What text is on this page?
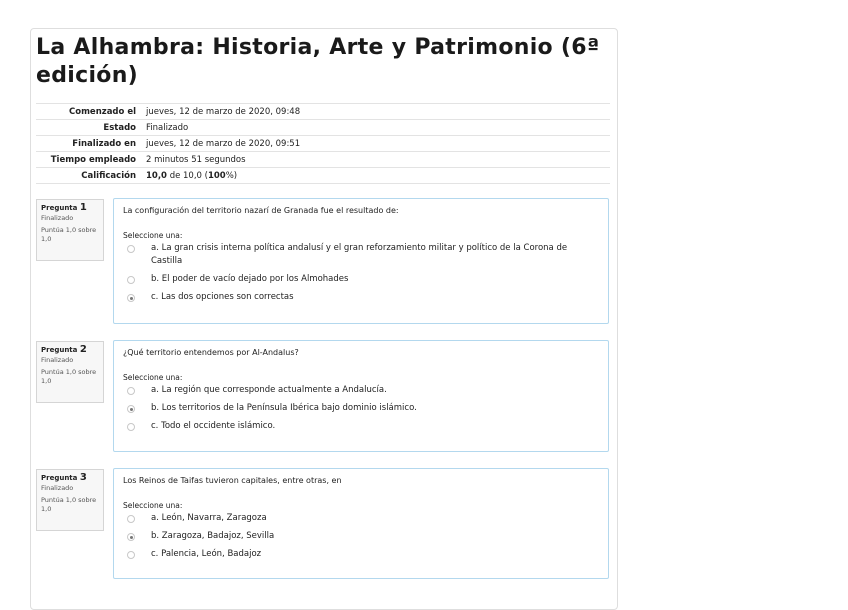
La Alhambra: Historia, Arte y Patrimonio (6ª edición)
Comenzado el	jueves, 12 de marzo de 2020, 09:48
Estado	Finalizado
Finalizado en	jueves, 12 de marzo de 2020, 09:51
Tiempo empleado	2 minutos 51 segundos
Calificación	10,0 de 10,0 (100%)
Pregunta 1
Finalizado
Puntúa 1,0 sobre 1,0

La configuración del territorio nazarí de Granada fue el resultado de:

Seleccione una:
a. La gran crisis interna política andalusí y el gran reforzamiento militar y político de la Corona de Castilla
b. El poder de vacío dejado por los Almohades
c. Las dos opciones son correctas
Pregunta 2
Finalizado
Puntúa 1,0 sobre 1,0

¿Qué territorio entendemos por Al-Andalus?

Seleccione una:
a. La región que corresponde actualmente a Andalucía.
b. Los territorios de la Península Ibérica bajo dominio islámico.
c. Todo el occidente islámico.
Pregunta 3
Finalizado
Puntúa 1,0 sobre 1,0

Los Reinos de Taifas tuvieron capitales, entre otras, en

Seleccione una:
a. León, Navarra, Zaragoza
b. Zaragoza, Badajoz, Sevilla
c. Palencia, León, Badajoz
